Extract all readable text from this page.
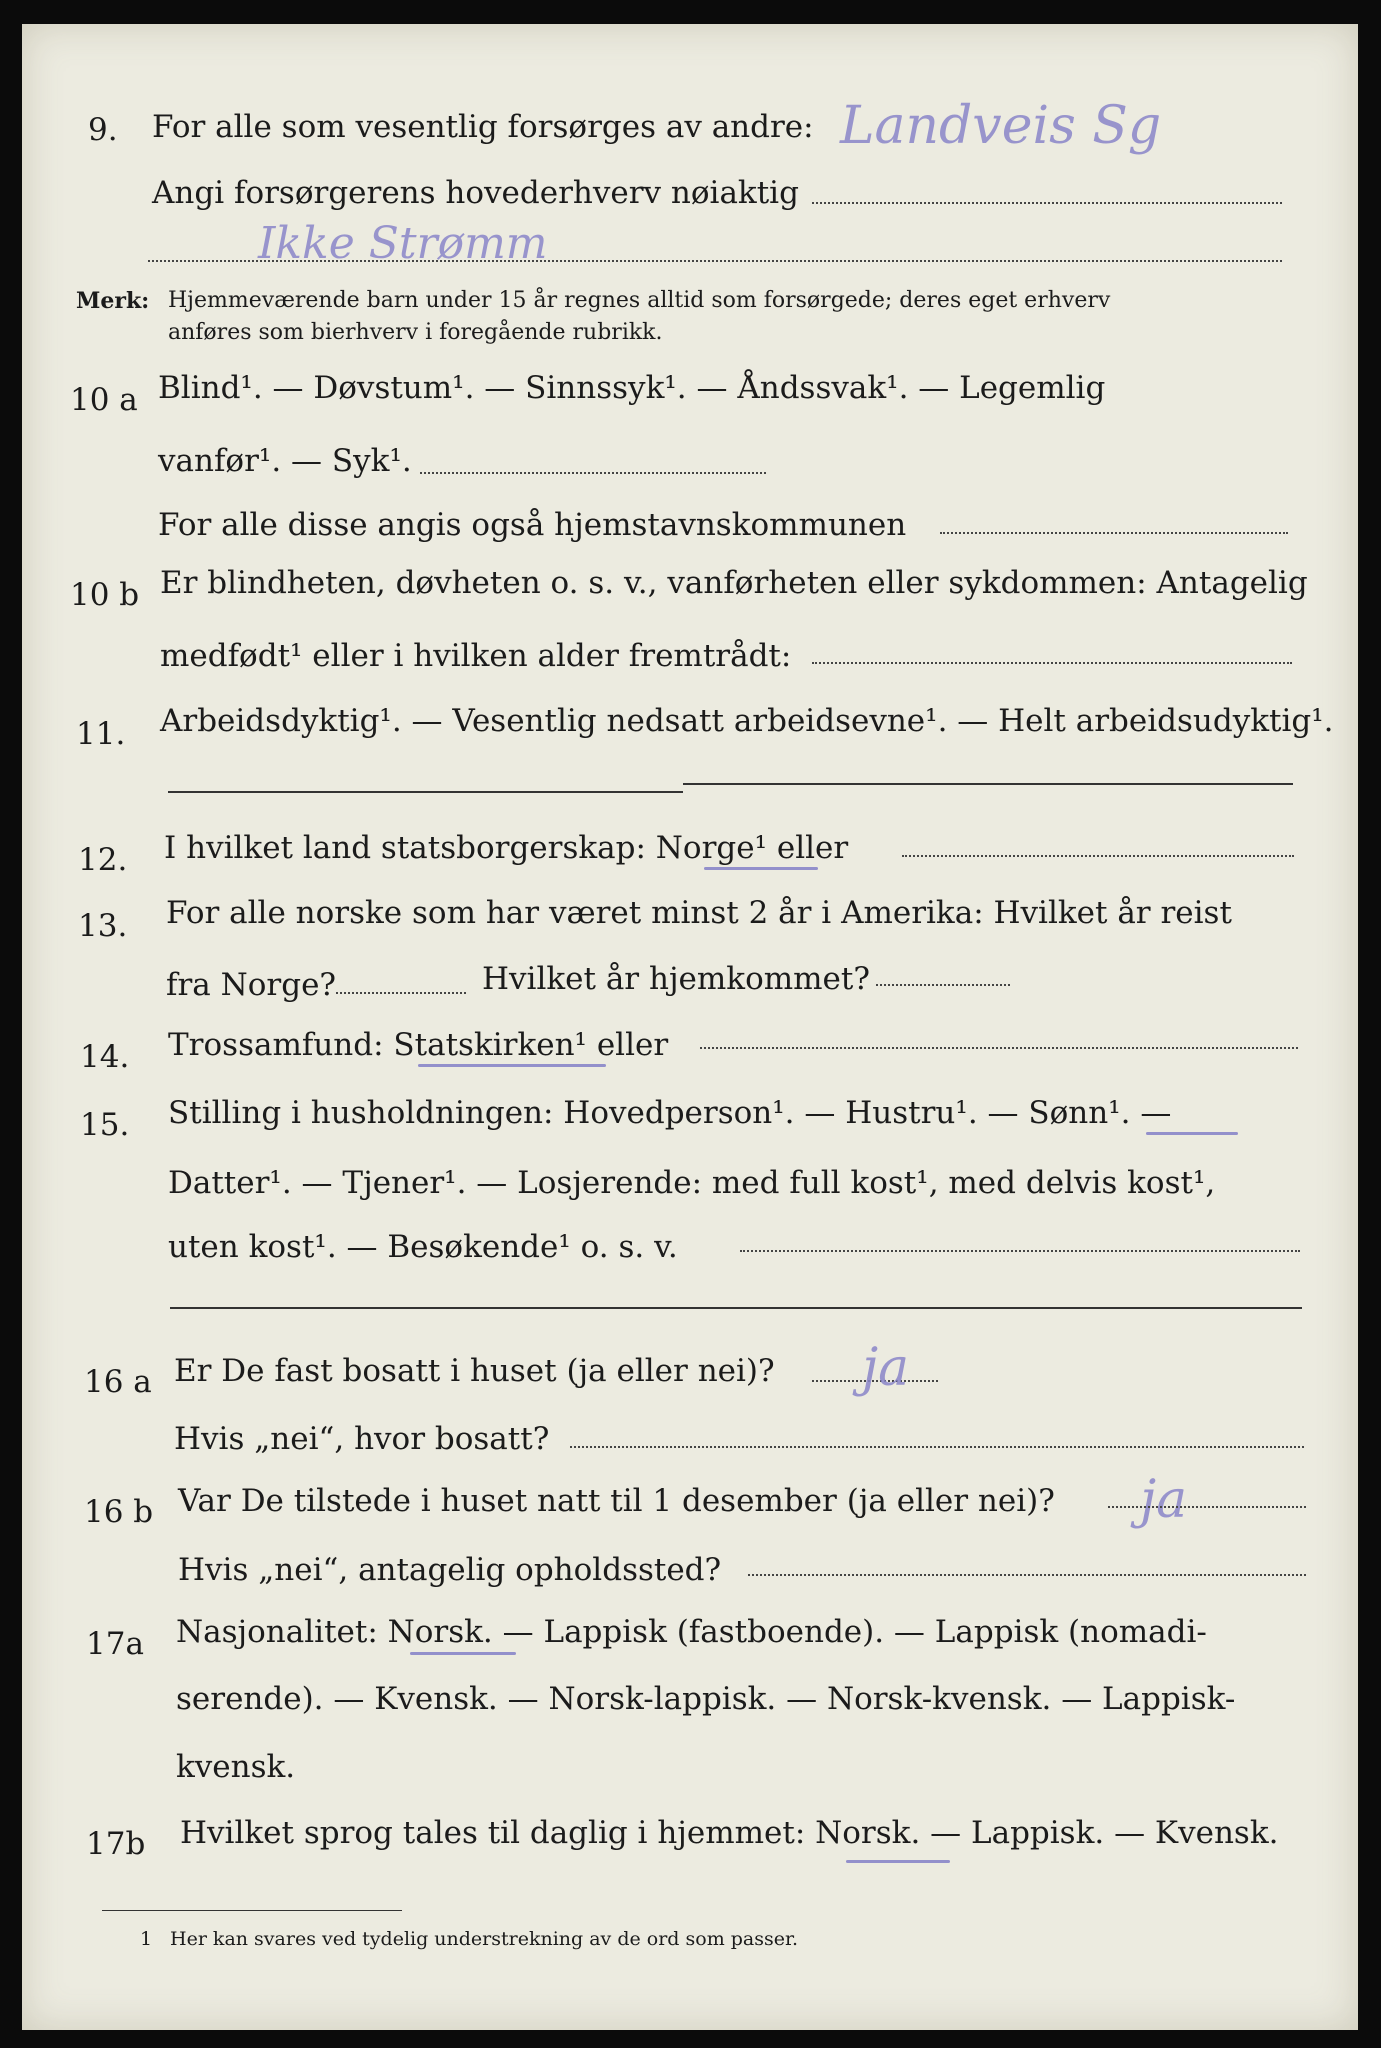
9. For alle som vesentlig forsørges av andre: Landveis Sg
Angi forsørgerens hovederhverv nøiaktig
Ikke Strømm
Merk: Hjemmeværende barn under 15 år regnes alltid som forsørgede; deres eget erhverv
anføres som bierhverv i foregående rubrikk.
10 a Blind¹. — Døvstum¹. — Sinnssyk¹. — Åndssvak¹. — Legemlig
vanfør¹. — Syk¹.
For alle disse angis også hjemstavnskommunen
10 b Er blindheten, døvheten o. s. v., vanførheten eller sykdommen: Antagelig
medfødt¹ eller i hvilken alder fremtrådt:
11. Arbeidsdyktig¹. — Vesentlig nedsatt arbeidsevne¹. — Helt arbeidsudyktig¹.
12. I hvilket land statsborgerskap: Norge¹ eller
13. For alle norske som har været minst 2 år i Amerika: Hvilket år reist
fra Norge?	Hvilket år hjemkommet?
14. Trossamfund: Statskirken¹ eller
15. Stilling i husholdningen: Hovedperson¹. — Hustru¹. — Sønn¹. —
Datter¹. — Tjener¹. — Losjerende: med full kost¹, med delvis kost¹,
uten kost¹. — Besøkende¹ o. s. v.
16 a Er De fast bosatt i huset (ja eller nei)? ja
Hvis „nei“, hvor bosatt?
16 b Var De tilstede i huset natt til 1 desember (ja eller nei)? ja
Hvis „nei“, antagelig opholdssted?
17a Nasjonalitet: Norsk. — Lappisk (fastboende). — Lappisk (nomadi-
serende). — Kvensk. — Norsk-lappisk. — Norsk-kvensk. — Lappisk-
kvensk.
17b Hvilket sprog tales til daglig i hjemmet: Norsk. — Lappisk. — Kvensk.
1 Her kan svares ved tydelig understrekning av de ord som passer.
